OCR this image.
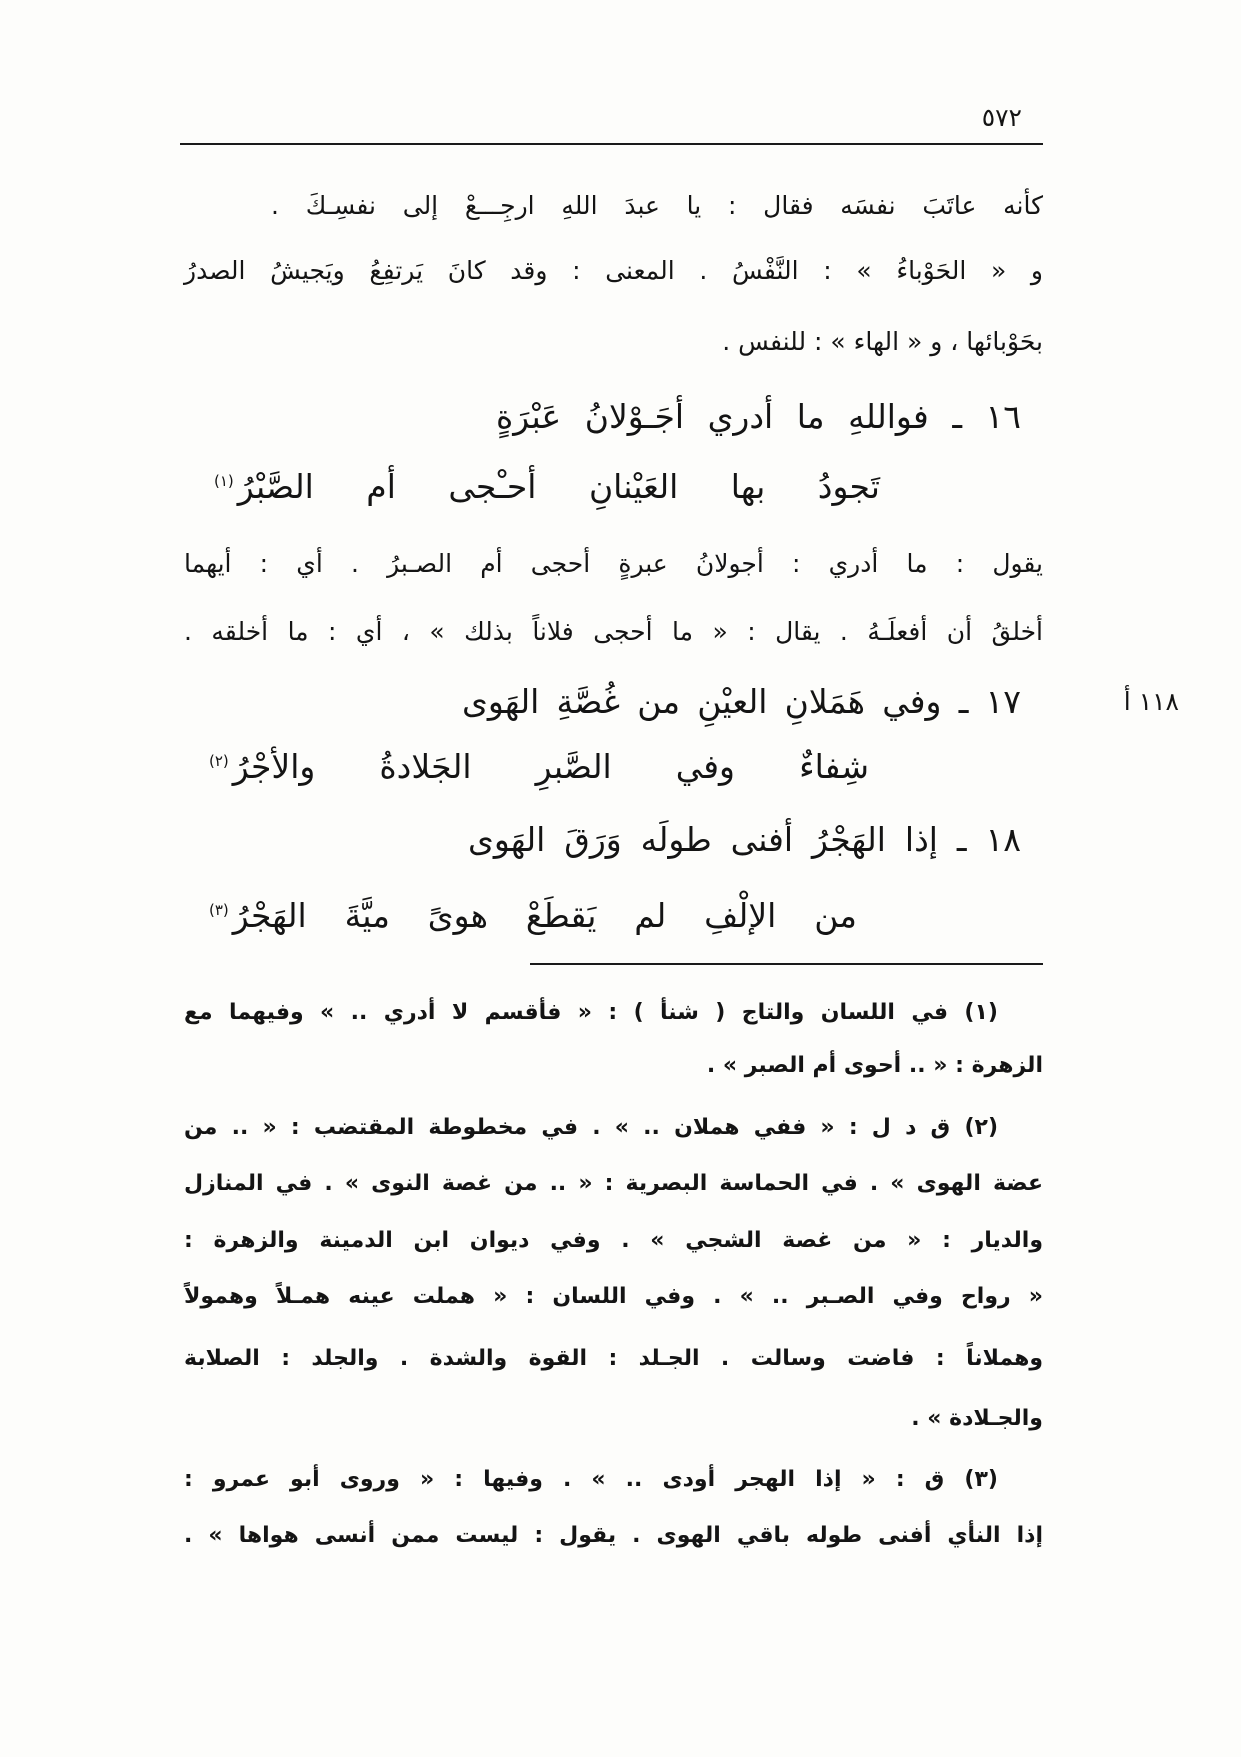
٥٧٢

كأنه عاتَبَ نفسَه فقال : يا عبدَ اللهِ ارجِـــعْ إلى نفسِـكَ .

و « الحَوْباءُ » : النَّفْسُ . المعنى : وقد كانَ يَرتفِعُ ويَجيشُ الصدرُ

بحَوْبائها ، و « الهاء » : للنفس .

١٦ ـ فواللهِ ما أدري أجَـوْلانُ عَبْرَةٍ
تَجودُ بها العَيْنانِ أحـْجى أم الصَّبْرُ$^{(١)}$

يقول : ما أدري : أجولانُ عبرةٍ أحجى أم الصـبرُ . أي : أيهما

أخلقُ أن أفعلَـهُ . يقال : « ما أحجى فلاناً بذلك » ، أي : ما أخلقه .

١١٨ أ
١٧ ـ وفي هَمَلانِ العيْنِ من غُصَّةِ الهَوى
شِفاءٌ وفي الصَّبرِ الجَلادةُ والأجْرُ$^{(٢)}$
١٨ ـ إذا الهَجْرُ أفنى طولَه وَرَقَ الهَوى
من الإلْفِ لم يَقطَعْ هوىً ميَّةَ الهَجْرُ$^{(٣)}$
(١) في اللسان والتاج ( شنأ ) : « فأقسم لا أدري .. » وفيهما مع

الزهرة : « .. أحوى أم الصبر » .

(٢) ق د ل : « ففي هملان .. » . في مخطوطة المقتضب : « .. من

عضة الهوى » . في الحماسة البصرية : « .. من غصة النوى » . في المنازل

والديار : « من غصة الشجي » . وفي ديوان ابن الدمينة والزهرة :

« رواح وفي الصـبر .. » . وفي اللسان : « هملت عينه همـلاً وهمولاً

وهملاناً : فاضت وسالت . الجـلد : القوة والشدة . والجلد : الصلابة

والجـلادة » .

(٣) ق : « إذا الهجر أودى .. » . وفيها : « وروى أبو عمرو :

إذا النأي أفنى طوله باقي الهوى . يقول : ليست ممن أنسى هواها » .
